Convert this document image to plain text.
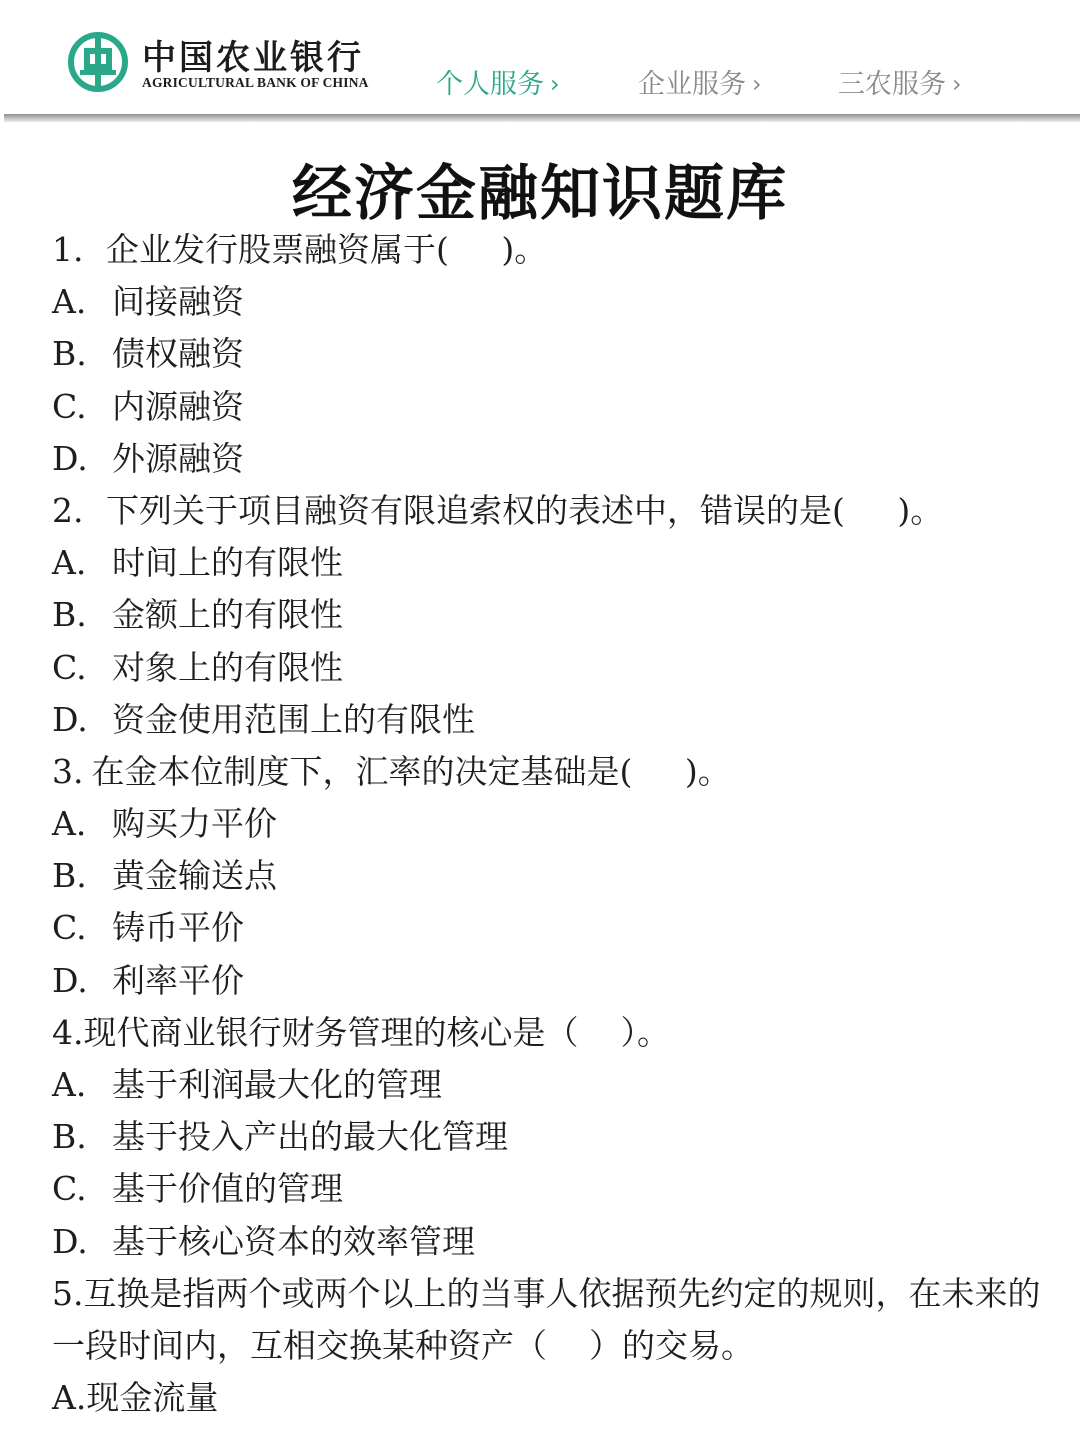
中国农业银行
AGRICULTURAL BANK OF CHINA 个人服务 ›	企业服务 ›	三农服务 ›
经济金融知识题库
1. 企业发行股票融资属于(     )。
A. 间接融资
B. 债权融资
C. 内源融资
D. 外源融资
2. 下列关于项目融资有限追索权的表述中，错误的是(     )。
A. 时间上的有限性
B. 金额上的有限性
C. 对象上的有限性
D. 资金使用范围上的有限性
3. 在金本位制度下，汇率的决定基础是(     )。
A. 购买力平价
B. 黄金输送点
C. 铸币平价
D. 利率平价
4.现代商业银行财务管理的核心是（    ）。
A. 基于利润最大化的管理
B. 基于投入产出的最大化管理
C. 基于价值的管理
D. 基于核心资本的效率管理
5.互换是指两个或两个以上的当事人依据预先约定的规则，在未来的一段时间内，互相交换某种资产（    ）的交易。
A.现金流量
